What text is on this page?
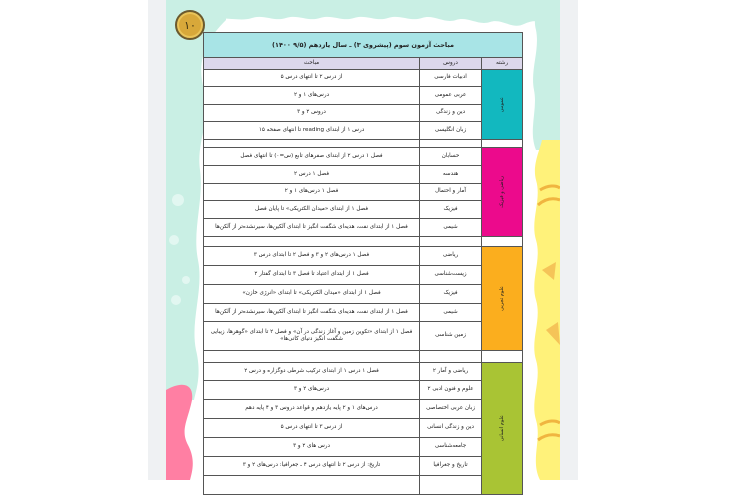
۱۰
مباحث آزمون سوم (پیشروی ۳) ـ سال یازدهم (۹/۵ ۱۴۰۰)		
رشته	دروس	مباحث
عمومی	ادبیات فارسی	از درس ۲ تا انتهای درس ۵
	عربی عمومی	درس‌های ۱ و ۲
	دین و زندگی	دروس ۲ و ۳
	زبان انگلیسی	درس ۱ از ابتدای reading تا انتهای صفحه ۱۵

ریاضی و فیزیک	حسابان	فصل ۱ درس ۲ از ابتدای صفرهای تابع (س=۰) تا انتهای فصل
	هندسه	فصل ۱ درس ۲
	آمار و احتمال	فصل ۱ درس‌های ۱ و ۲
	فیزیک	فصل ۱ از ابتدای «میدان الکتریکی» تا پایان فصل
	شیمی	فصل ۱ از ابتدای نفت، هدیه‌ای شگفت انگیز تا ابتدای آلکین‌ها، سیرنشده‌تر از آلکن‌ها

علوم تجربی	ریاضی	فصل ۱ درس‌های ۲ و ۳ و فصل ۲ تا ابتدای درس ۳
	زیست‌شناسی	فصل ۱ از ابتدای اعتیاد تا فصل ۳ تا ابتدای گفتار ۲
	فیزیک	فصل ۱ از ابتدای «میدان الکتریکی» تا ابتدای «انرژی خازن»
	شیمی	فصل ۱ از ابتدای نفت، هدیه‌ای شگفت انگیز تا ابتدای آلکین‌ها، سیرنشده‌تر از آلکن‌ها
	زمین شناسی	فصل ۱ از ابتدای «تکوین زمین و آغاز زندگی در آن» و فصل ۲ تا ابتدای «گوهرها، زیبایی شگفت انگیز دنیای کانی‌ها»

علوم انسانی	ریاضی و آمار ۲	فصل ۱ درس ۱ از ابتدای ترکیب شرطی دوگزاره و درس ۲
	علوم و فنون ادبی ۲	درس‌های ۲ و ۳
	زبان عربی اختصاصی	درس‌های ۱ و ۲ پایه یازدهم و قواعد دروس ۳ و ۴ پایه دهم
	دین و زندگی انسانی	از درس ۳ تا انتهای درس ۵
	جامعه‌شناسی	درس های ۲ و ۳
	تاریخ و جغرافیا	تاریخ: از درس ۲ تا انتهای درس ۴ ـ جغرافیا: درس‌های ۲ و ۳
